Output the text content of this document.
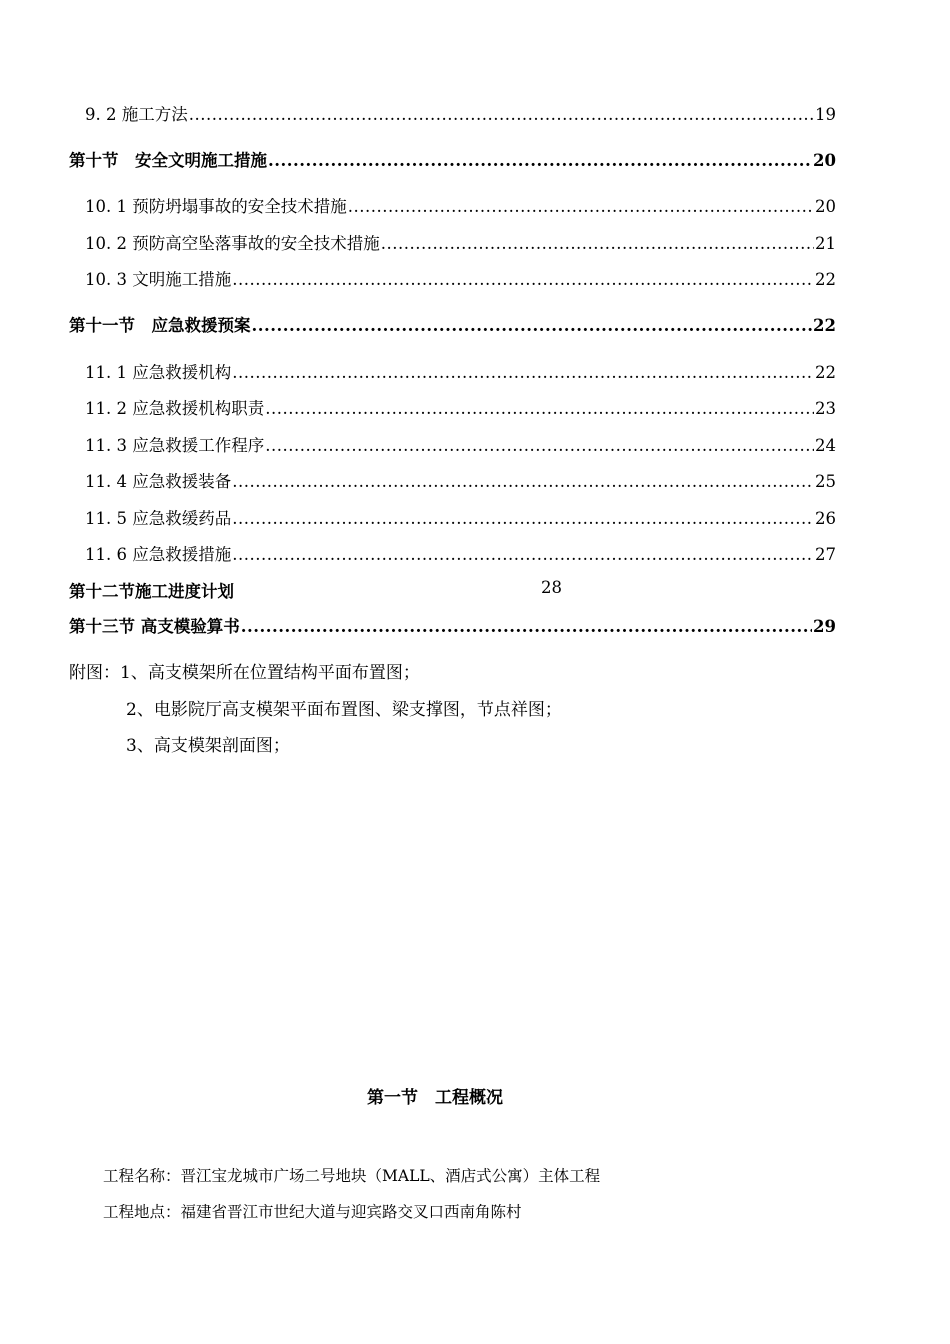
9. 2 施工方法 .....	19
第十节　安全文明施工措施 .....	20
10. 1 预防坍塌事故的安全技术措施 .....	20
10. 2 预防高空坠落事故的安全技术措施 .....	21
10. 3 文明施工措施 .....	22
第十一节　应急救援预案 .....	22
11. 1 应急救援机构 .....	22
11. 2 应急救援机构职责 .....	23
11. 3 应急救援工作程序 .....	24
11. 4 应急救援装备 .....	25
11. 5 应急救缓药品 .....	26
11. 6 应急救援措施 .....	27
第十二节施工进度计划	28
第十三节 高支模验算书 .....	29
附图：1、高支模架所在位置结构平面布置图；
2、电影院厅高支模架平面布置图、梁支撑图，节点祥图；
3、高支模架剖面图；
第一节　工程概况
工程名称：晋江宝龙城市广场二号地块（MALL、酒店式公寓）主体工程
工程地点：福建省晋江市世纪大道与迎宾路交叉口西南角陈村
